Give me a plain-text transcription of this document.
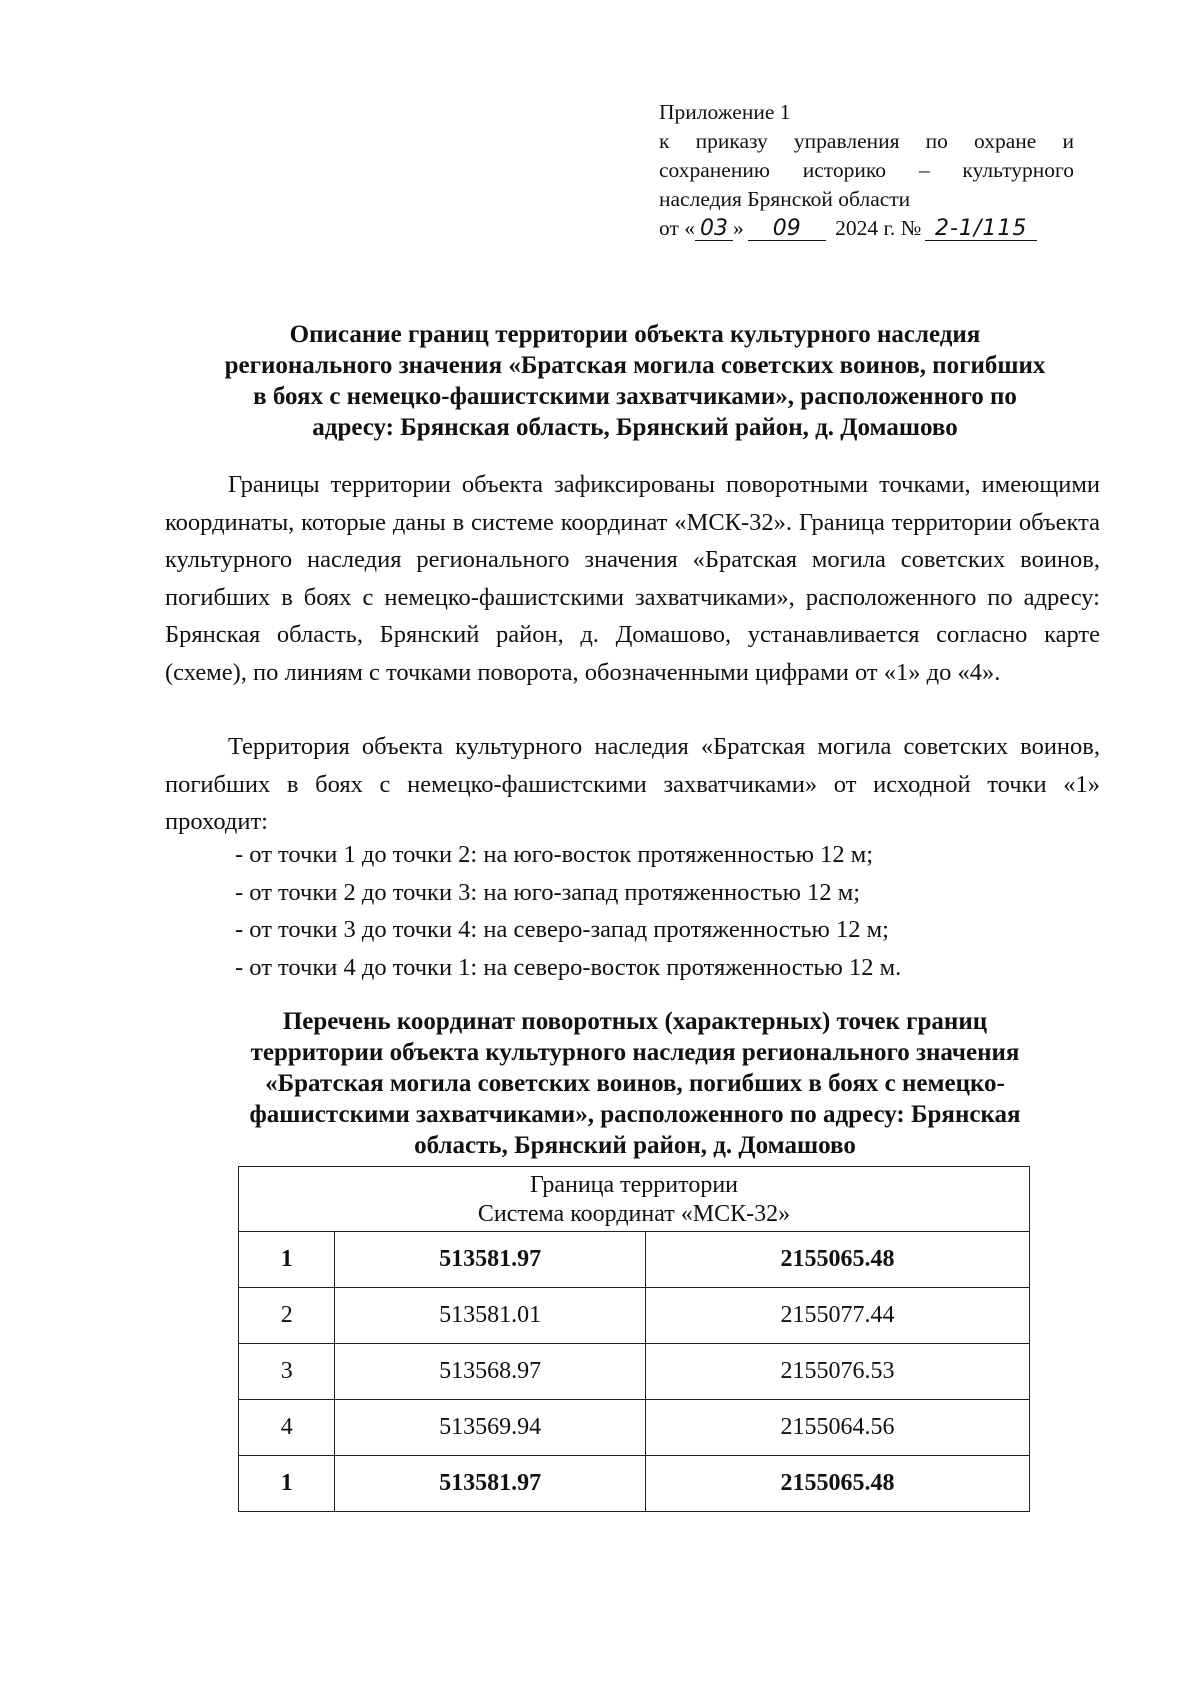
Приложение 1
к приказу управления по охране и
сохранению историко – культурного
наследия Брянской области
от « 03 » 09 2024 г. № 2-1/115
Описание границ территории объекта культурного наследия
регионального значения «Братская могила советских воинов, погибших
в боях с немецко-фашистскими захватчиками», расположенного по
адресу: Брянская область, Брянский район, д. Домашово

Границы территории объекта зафиксированы поворотными точками, имеющими координаты, которые даны в системе координат «МСК-32». Граница территории объекта культурного наследия регионального значения «Братская могила советских воинов, погибших в боях с немецко-фашистскими захватчиками», расположенного по адресу: Брянская область, Брянский район, д. Домашово, устанавливается согласно карте (схеме), по линиям с точками поворота, обозначенными цифрами от «1» до «4».

Территория объекта культурного наследия «Братская могила советских воинов, погибших в боях с немецко-фашистскими захватчиками» от исходной точки «1» проходит:

- от точки 1 до точки 2: на юго-восток протяженностью 12 м;
- от точки 2 до точки 3: на юго-запад протяженностью 12 м;
- от точки 3 до точки 4: на северо-запад протяженностью 12 м;
- от точки 4 до точки 1: на северо-восток протяженностью 12 м.
Перечень координат поворотных (характерных) точек границ
территории объекта культурного наследия регионального значения
«Братская могила советских воинов, погибших в боях с немецко-
фашистскими захватчиками», расположенного по адресу: Брянская
область, Брянский район, д. Домашово
Граница территории
Система координат «МСК-32»		

1	513581.97	2155065.48
2	513581.01	2155077.44
3	513568.97	2155076.53
4	513569.94	2155064.56
1	513581.97	2155065.48
